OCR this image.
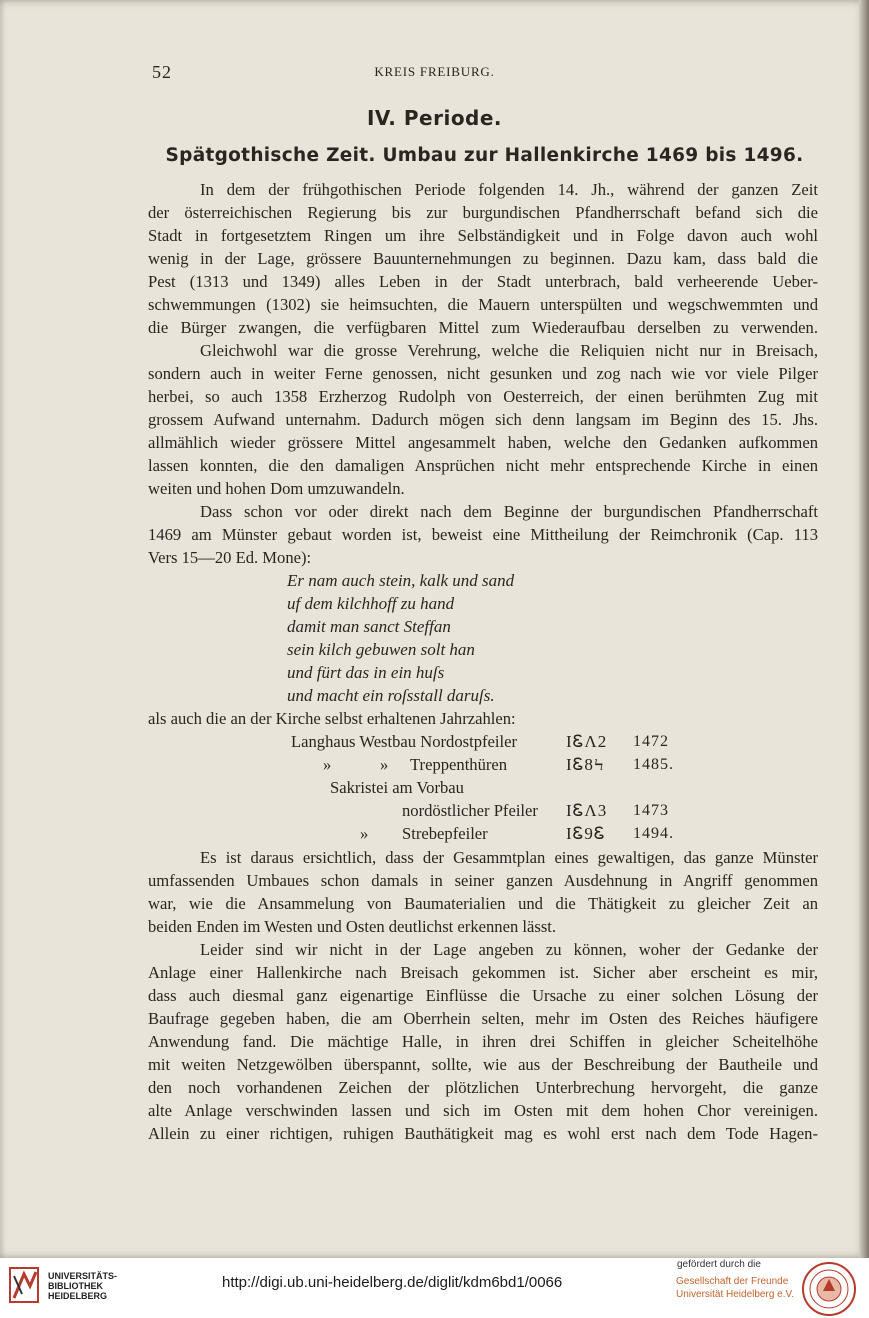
52	KREIS FREIBURG.
IV. Periode.
Spätgothische Zeit. Umbau zur Hallenkirche 1469 bis 1496.
In dem der frühgothischen Periode folgenden 14. Jh., während der ganzen Zeit
der österreichischen Regierung bis zur burgundischen Pfandherrschaft befand sich die
Stadt in fortgesetztem Ringen um ihre Selbständigkeit und in Folge davon auch wohl
wenig in der Lage, grössere Bauunternehmungen zu beginnen. Dazu kam, dass bald die
Pest (1313 und 1349) alles Leben in der Stadt unterbrach, bald verheerende Ueber-
schwemmungen (1302) sie heimsuchten, die Mauern unterspülten und wegschwemmten und
die Bürger zwangen, die verfügbaren Mittel zum Wiederaufbau derselben zu verwenden.
Gleichwohl war die grosse Verehrung, welche die Reliquien nicht nur in Breisach,
sondern auch in weiter Ferne genossen, nicht gesunken und zog nach wie vor viele Pilger
herbei, so auch 1358 Erzherzog Rudolph von Oesterreich, der einen berühmten Zug mit
grossem Aufwand unternahm. Dadurch mögen sich denn langsam im Beginn des 15. Jhs.
allmählich wieder grössere Mittel angesammelt haben, welche den Gedanken aufkommen
lassen konnten, die den damaligen Ansprüchen nicht mehr entsprechende Kirche in einen
weiten und hohen Dom umzuwandeln.
Dass schon vor oder direkt nach dem Beginne der burgundischen Pfandherrschaft
1469 am Münster gebaut worden ist, beweist eine Mittheilung der Reimchronik (Cap. 113
Vers 15—20 Ed. Mone):
Er nam auch stein, kalk und sand
uf dem kilchhoff zu hand
damit man sanct Steffan
sein kilch gebuwen solt han
und fürt das in ein huſs
und macht ein roſsstall daruſs.
als auch die an der Kirche selbst erhaltenen Jahrzahlen:
Langhaus Westbau Nordostpfeiler	IᏋΛ2 1472
»	» Treppenthüren	IᏋ8Ϟ 1485.
Sakristei am Vorbau
nordöstlicher Pfeiler IᏋΛ3 1473
» Strebepfeiler	IᏋ9Ꮛ 1494.
Es ist daraus ersichtlich, dass der Gesammtplan eines gewaltigen, das ganze Münster
umfassenden Umbaues schon damals in seiner ganzen Ausdehnung in Angriff genommen
war, wie die Ansammelung von Baumaterialien und die Thätigkeit zu gleicher Zeit an
beiden Enden im Westen und Osten deutlichst erkennen lässt.
Leider sind wir nicht in der Lage angeben zu können, woher der Gedanke der
Anlage einer Hallenkirche nach Breisach gekommen ist. Sicher aber erscheint es mir,
dass auch diesmal ganz eigenartige Einflüsse die Ursache zu einer solchen Lösung der
Baufrage gegeben haben, die am Oberrhein selten, mehr im Osten des Reiches häufigere
Anwendung fand. Die mächtige Halle, in ihren drei Schiffen in gleicher Scheitelhöhe
mit weiten Netzgewölben überspannt, sollte, wie aus der Beschreibung der Bautheile und
den noch vorhandenen Zeichen der plötzlichen Unterbrechung hervorgeht, die ganze
alte Anlage verschwinden lassen und sich im Osten mit dem hohen Chor vereinigen.
Allein zu einer richtigen, ruhigen Bauthätigkeit mag es wohl erst nach dem Tode Hagen-
UNIVERSITÄTS-
BIBLIOTHEK
HEIDELBERG
http://digi.ub.uni-heidelberg.de/diglit/kdm6bd1/0066
gefördert durch die
Gesellschaft der Freunde
Universität Heidelberg e.V.
